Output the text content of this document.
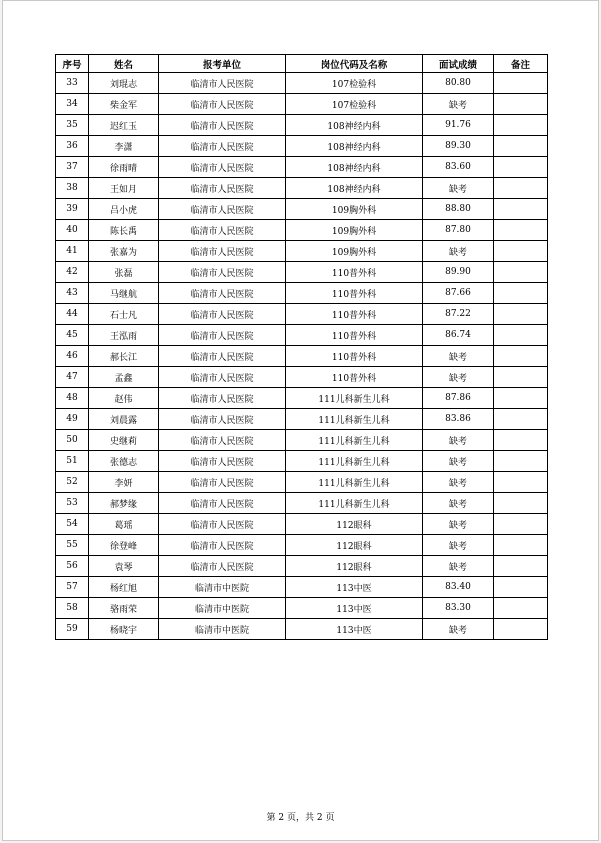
序号	姓名	报考单位	岗位代码及名称	面试成绩	备注
33	刘琨志	临清市人民医院	107检验科	80.80	
34	柴金军	临清市人民医院	107检验科	缺考	
35	迟红玉	临清市人民医院	108神经内科	91.76	
36	李潇	临清市人民医院	108神经内科	89.30	
37	徐雨晴	临清市人民医院	108神经内科	83.60	
38	王如月	临清市人民医院	108神经内科	缺考	
39	吕小虎	临清市人民医院	109胸外科	88.80	
40	陈长禹	临清市人民医院	109胸外科	87.80	
41	张嘉为	临清市人民医院	109胸外科	缺考	
42	张磊	临清市人民医院	110普外科	89.90	
43	马继航	临清市人民医院	110普外科	87.66	
44	石士凡	临清市人民医院	110普外科	87.22	
45	王泓雨	临清市人民医院	110普外科	86.74	
46	郝长江	临清市人民医院	110普外科	缺考	
47	孟鑫	临清市人民医院	110普外科	缺考	
48	赵伟	临清市人民医院	111儿科新生儿科	87.86	
49	刘晨露	临清市人民医院	111儿科新生儿科	83.86	
50	史继莉	临清市人民医院	111儿科新生儿科	缺考	
51	张德志	临清市人民医院	111儿科新生儿科	缺考	
52	李妍	临清市人民医院	111儿科新生儿科	缺考	
53	郝梦缘	临清市人民医院	111儿科新生儿科	缺考	
54	葛瑶	临清市人民医院	112眼科	缺考	
55	徐登峰	临清市人民医院	112眼科	缺考	
56	袁琴	临清市人民医院	112眼科	缺考	
57	杨红旭	临清市中医院	113中医	83.40	
58	骆雨荣	临清市中医院	113中医	83.30	
59	杨晓宇	临清市中医院	113中医	缺考	
第 2 页，共 2 页
